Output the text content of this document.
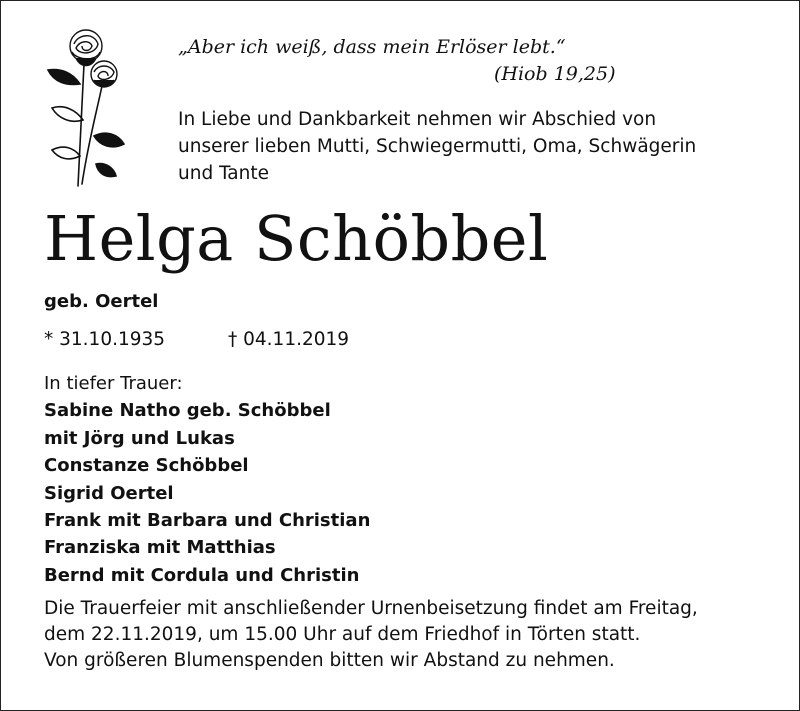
„Aber ich weiß, dass mein Erlöser lebt.“
(Hiob 19,25)
In Liebe und Dankbarkeit nehmen wir Abschied von
unserer lieben Mutti, Schwiegermutti, Oma, Schwägerin
und Tante
Helga Schöbbel
geb. Oertel
* 31.10.1935	† 04.11.2019
In tiefer Trauer:
Sabine Natho geb. Schöbbel
mit Jörg und Lukas
Constanze Schöbbel
Sigrid Oertel
Frank mit Barbara und Christian
Franziska mit Matthias
Bernd mit Cordula und Christin
Die Trauerfeier mit anschließender Urnenbeisetzung findet am Freitag,
dem 22.11.2019, um 15.00 Uhr auf dem Friedhof in Törten statt.
Von größeren Blumenspenden bitten wir Abstand zu nehmen.
